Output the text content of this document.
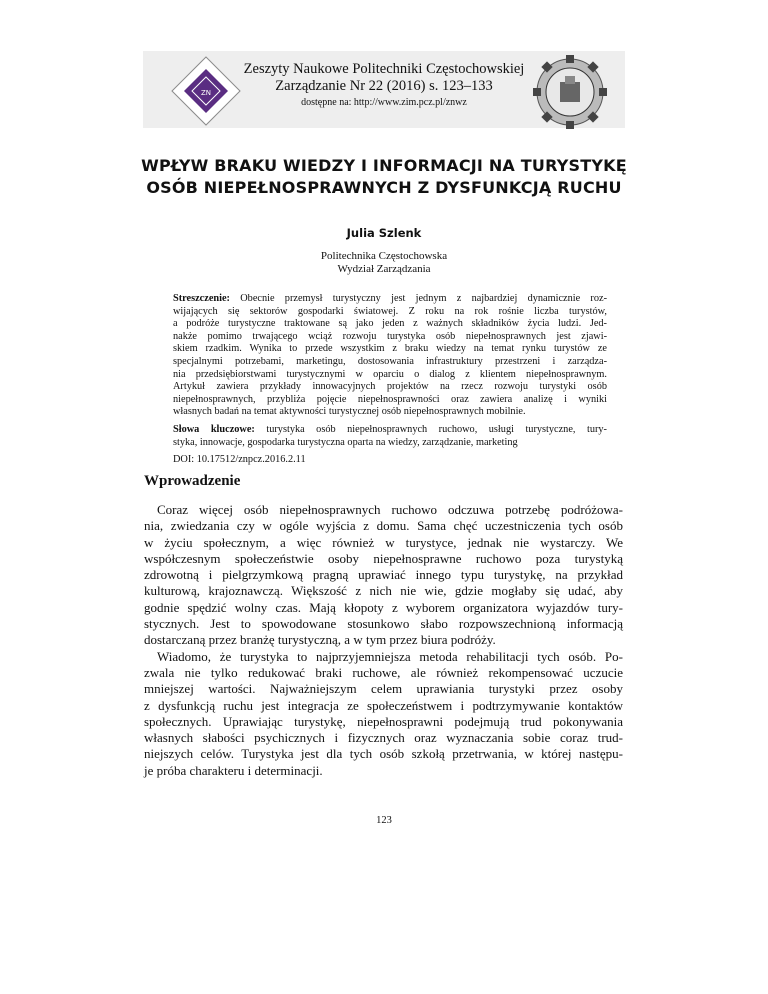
ZN
Zeszyty Naukowe Politechniki Częstochowskiej
Zarządzanie Nr 22 (2016) s. 123–133
dostępne na: http://www.zim.pcz.pl/znwz
WPŁYW BRAKU WIEDZY I INFORMACJI NA TURYSTYKĘ
OSÓB NIEPEŁNOSPRAWNYCH Z DYSFUNKCJĄ RUCHU
Julia Szlenk
Politechnika Częstochowska
Wydział Zarządzania
Streszczenie: Obecnie przemysł turystyczny jest jednym z najbardziej dynamicznie roz-
wijających się sektorów gospodarki światowej. Z roku na rok rośnie liczba turystów,
a podróże turystyczne traktowane są jako jeden z ważnych składników życia ludzi. Jed-
nakże pomimo trwającego wciąż rozwoju turystyka osób niepełnosprawnych jest zjawi-
skiem rzadkim. Wynika to przede wszystkim z braku wiedzy na temat rynku turystów ze
specjalnymi potrzebami, marketingu, dostosowania infrastruktury przestrzeni i zarządza-
nia przedsiębiorstwami turystycznymi w oparciu o dialog z klientem niepełnosprawnym.
Artykuł zawiera przykłady innowacyjnych projektów na rzecz rozwoju turystyki osób
niepełnosprawnych, przybliża pojęcie niepełnosprawności oraz zawiera analizę i wyniki
własnych badań na temat aktywności turystycznej osób niepełnosprawnych mobilnie.
Słowa kluczowe: turystyka osób niepełnosprawnych ruchowo, usługi turystyczne, tury-
styka, innowacje, gospodarka turystyczna oparta na wiedzy, zarządzanie, marketing
DOI: 10.17512/znpcz.2016.2.11
Wprowadzenie
 Coraz więcej osób niepełnosprawnych ruchowo odczuwa potrzebę podróżowa-
nia, zwiedzania czy w ogóle wyjścia z domu. Sama chęć uczestniczenia tych osób
w życiu społecznym, a więc również w turystyce, jednak nie wystarczy. We
współczesnym społeczeństwie osoby niepełnosprawne ruchowo poza turystyką
zdrowotną i pielgrzymkową pragną uprawiać innego typu turystykę, na przykład
kulturową, krajoznawczą. Większość z nich nie wie, gdzie mogłaby się udać, aby
godnie spędzić wolny czas. Mają kłopoty z wyborem organizatora wyjazdów tury-
stycznych. Jest to spowodowane stosunkowo słabo rozpowszechnioną informacją
dostarczaną przez branżę turystyczną, a w tym przez biura podróży.
 Wiadomo, że turystyka to najprzyjemniejsza metoda rehabilitacji tych osób. Po-
zwala nie tylko redukować braki ruchowe, ale również rekompensować uczucie
mniejszej wartości. Najważniejszym celem uprawiania turystyki przez osoby
z dysfunkcją ruchu jest integracja ze społeczeństwem i podtrzymywanie kontaktów
społecznych. Uprawiając turystykę, niepełnosprawni podejmują trud pokonywania
własnych słabości psychicznych i fizycznych oraz wyznaczania sobie coraz trud-
niejszych celów. Turystyka jest dla tych osób szkołą przetrwania, w której następu-
je próba charakteru i determinacji.
123
